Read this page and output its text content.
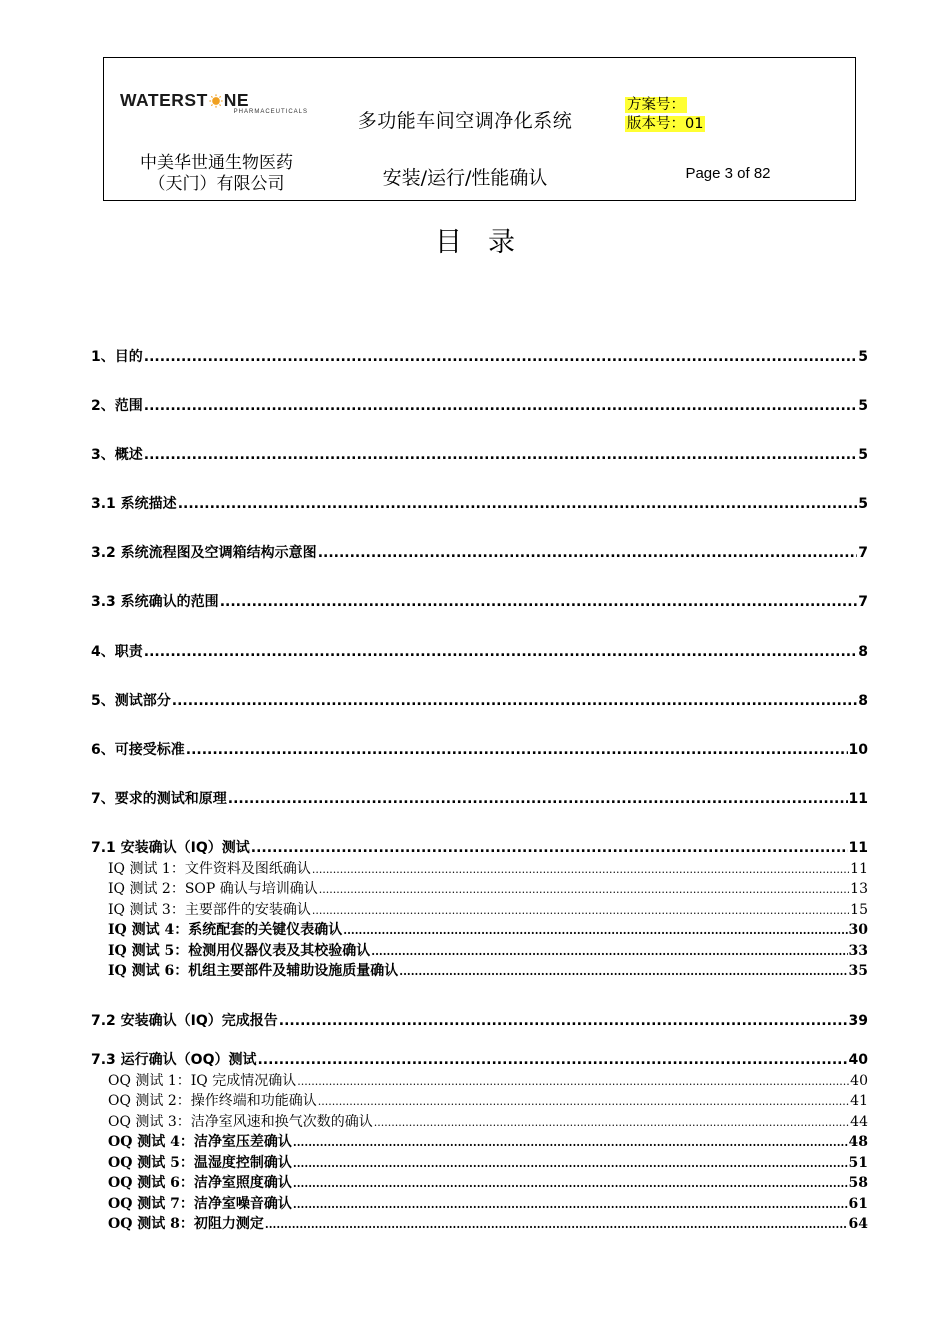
WATERST NE
PHARMACEUTICALS	多功能车间空调净化系统
方案号：
版本号：01
中美华世通生物医药
（天门）有限公司	安装/运行/性能确认	Page 3 of 82
目录
1、目的 .....	5
2、范围 .....	5
3、概述 .....	5
3.1 系统描述 .....	5
3.2 系统流程图及空调箱结构示意图 .....	7
3.3 系统确认的范围 .....	7
4、职责 .....	8
5、测试部分 .....	8
6、可接受标准 .....	10
7、要求的测试和原理 .....	11
7.1 安装确认（IQ）测试 .....	11
IQ 测试 1：文件资料及图纸确认 .....	11
IQ 测试 2：SOP 确认与培训确认 .....	13
IQ 测试 3：主要部件的安装确认 .....	15
IQ 测试 4：系统配套的关键仪表确认 .....	30
IQ 测试 5：检测用仪器仪表及其校验确认 .....	33
IQ 测试 6：机组主要部件及辅助设施质量确认 .....	35
7.2 安装确认（IQ）完成报告 .....	39
7.3 运行确认（OQ）测试 .....	40
OQ 测试 1：IQ 完成情况确认 .....	40
OQ 测试 2：操作终端和功能确认 .....	41
OQ 测试 3：洁净室风速和换气次数的确认 .....	44
OQ 测试 4：洁净室压差确认 .....	48
OQ 测试 5：温湿度控制确认 .....	51
OQ 测试 6：洁净室照度确认 .....	58
OQ 测试 7：洁净室噪音确认 .....	61
OQ 测试 8：初阻力测定 .....	64
